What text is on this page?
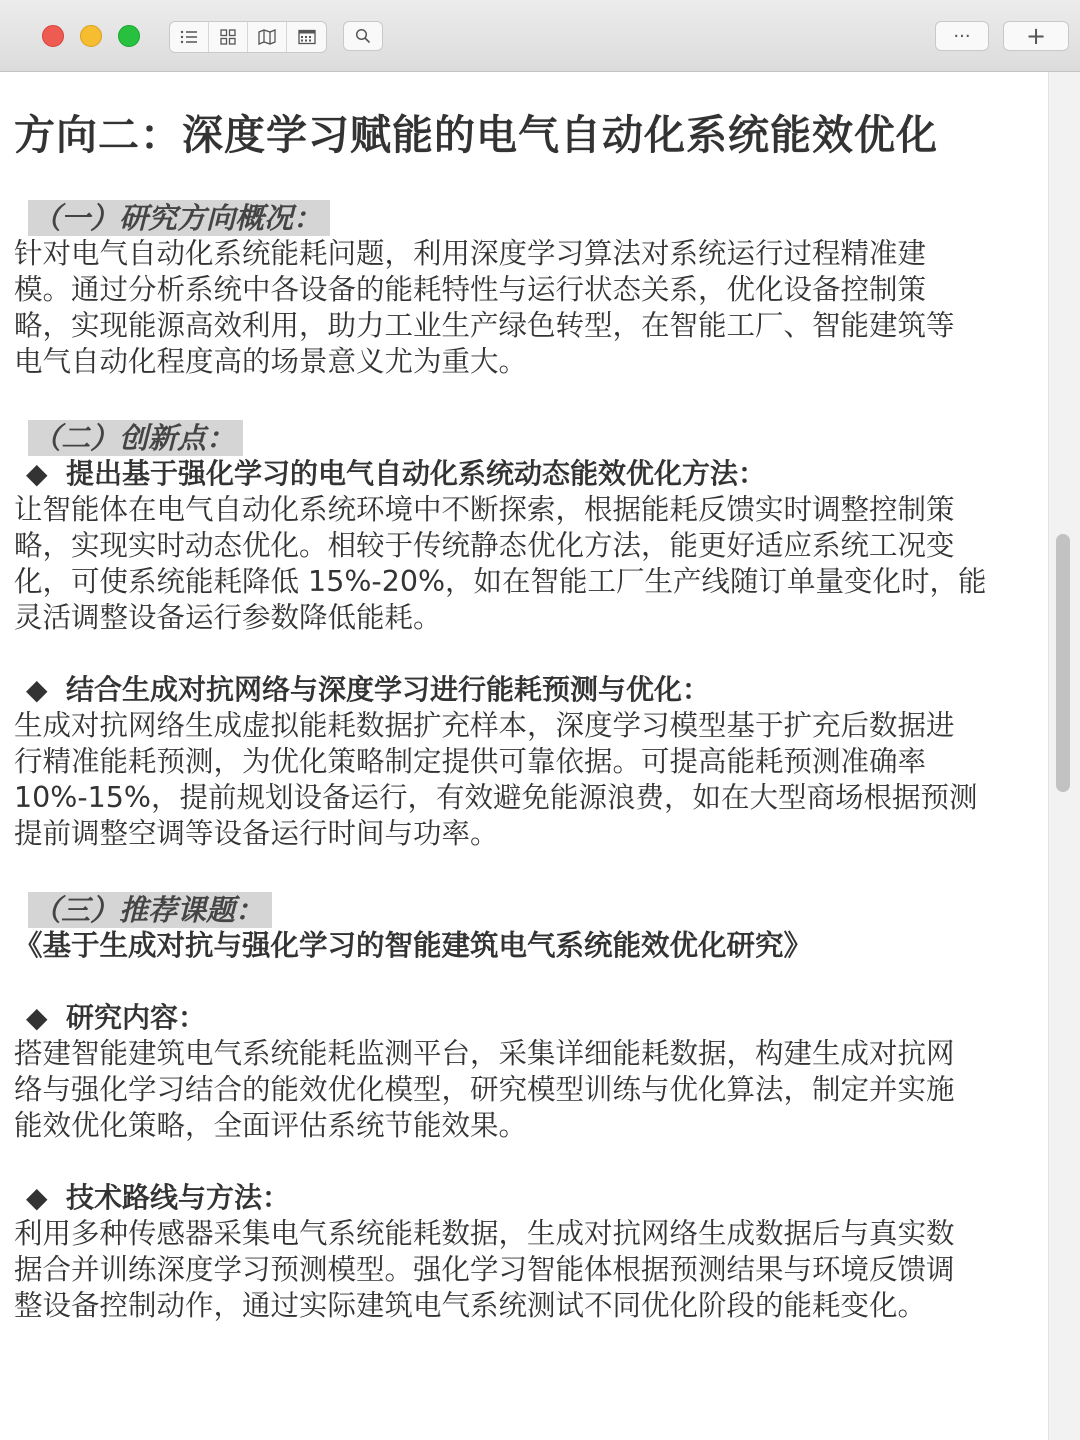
··· +
方向二：深度学习赋能的电气自动化系统能效优化
（一）研究方向概况：

针对电气自动化系统能耗问题，利用深度学习算法对系统运行过程精准建

模。通过分析系统中各设备的能耗特性与运行状态关系，优化设备控制策

略，实现能源高效利用，助力工业生产绿色转型，在智能工厂、智能建筑等

电气自动化程度高的场景意义尤为重大。

（二）创新点：
◆ 提出基于强化学习的电气自动化系统动态能效优化方法：

让智能体在电气自动化系统环境中不断探索，根据能耗反馈实时调整控制策

略，实现实时动态优化。相较于传统静态优化方法，能更好适应系统工况变

化，可使系统能耗降低 15%-20%，如在智能工厂生产线随订单量变化时，能

灵活调整设备运行参数降低能耗。

◆ 结合生成对抗网络与深度学习进行能耗预测与优化：

生成对抗网络生成虚拟能耗数据扩充样本，深度学习模型基于扩充后数据进

行精准能耗预测，为优化策略制定提供可靠依据。可提高能耗预测准确率

10%-15%，提前规划设备运行，有效避免能源浪费，如在大型商场根据预测

提前调整空调等设备运行时间与功率。

（三）推荐课题：
《基于生成对抗与强化学习的智能建筑电气系统能效优化研究》
◆ 研究内容：

搭建智能建筑电气系统能耗监测平台，采集详细能耗数据，构建生成对抗网

络与强化学习结合的能效优化模型，研究模型训练与优化算法，制定并实施

能效优化策略，全面评估系统节能效果。

◆ 技术路线与方法：

利用多种传感器采集电气系统能耗数据，生成对抗网络生成数据后与真实数

据合并训练深度学习预测模型。强化学习智能体根据预测结果与环境反馈调

整设备控制动作，通过实际建筑电气系统测试不同优化阶段的能耗变化。
